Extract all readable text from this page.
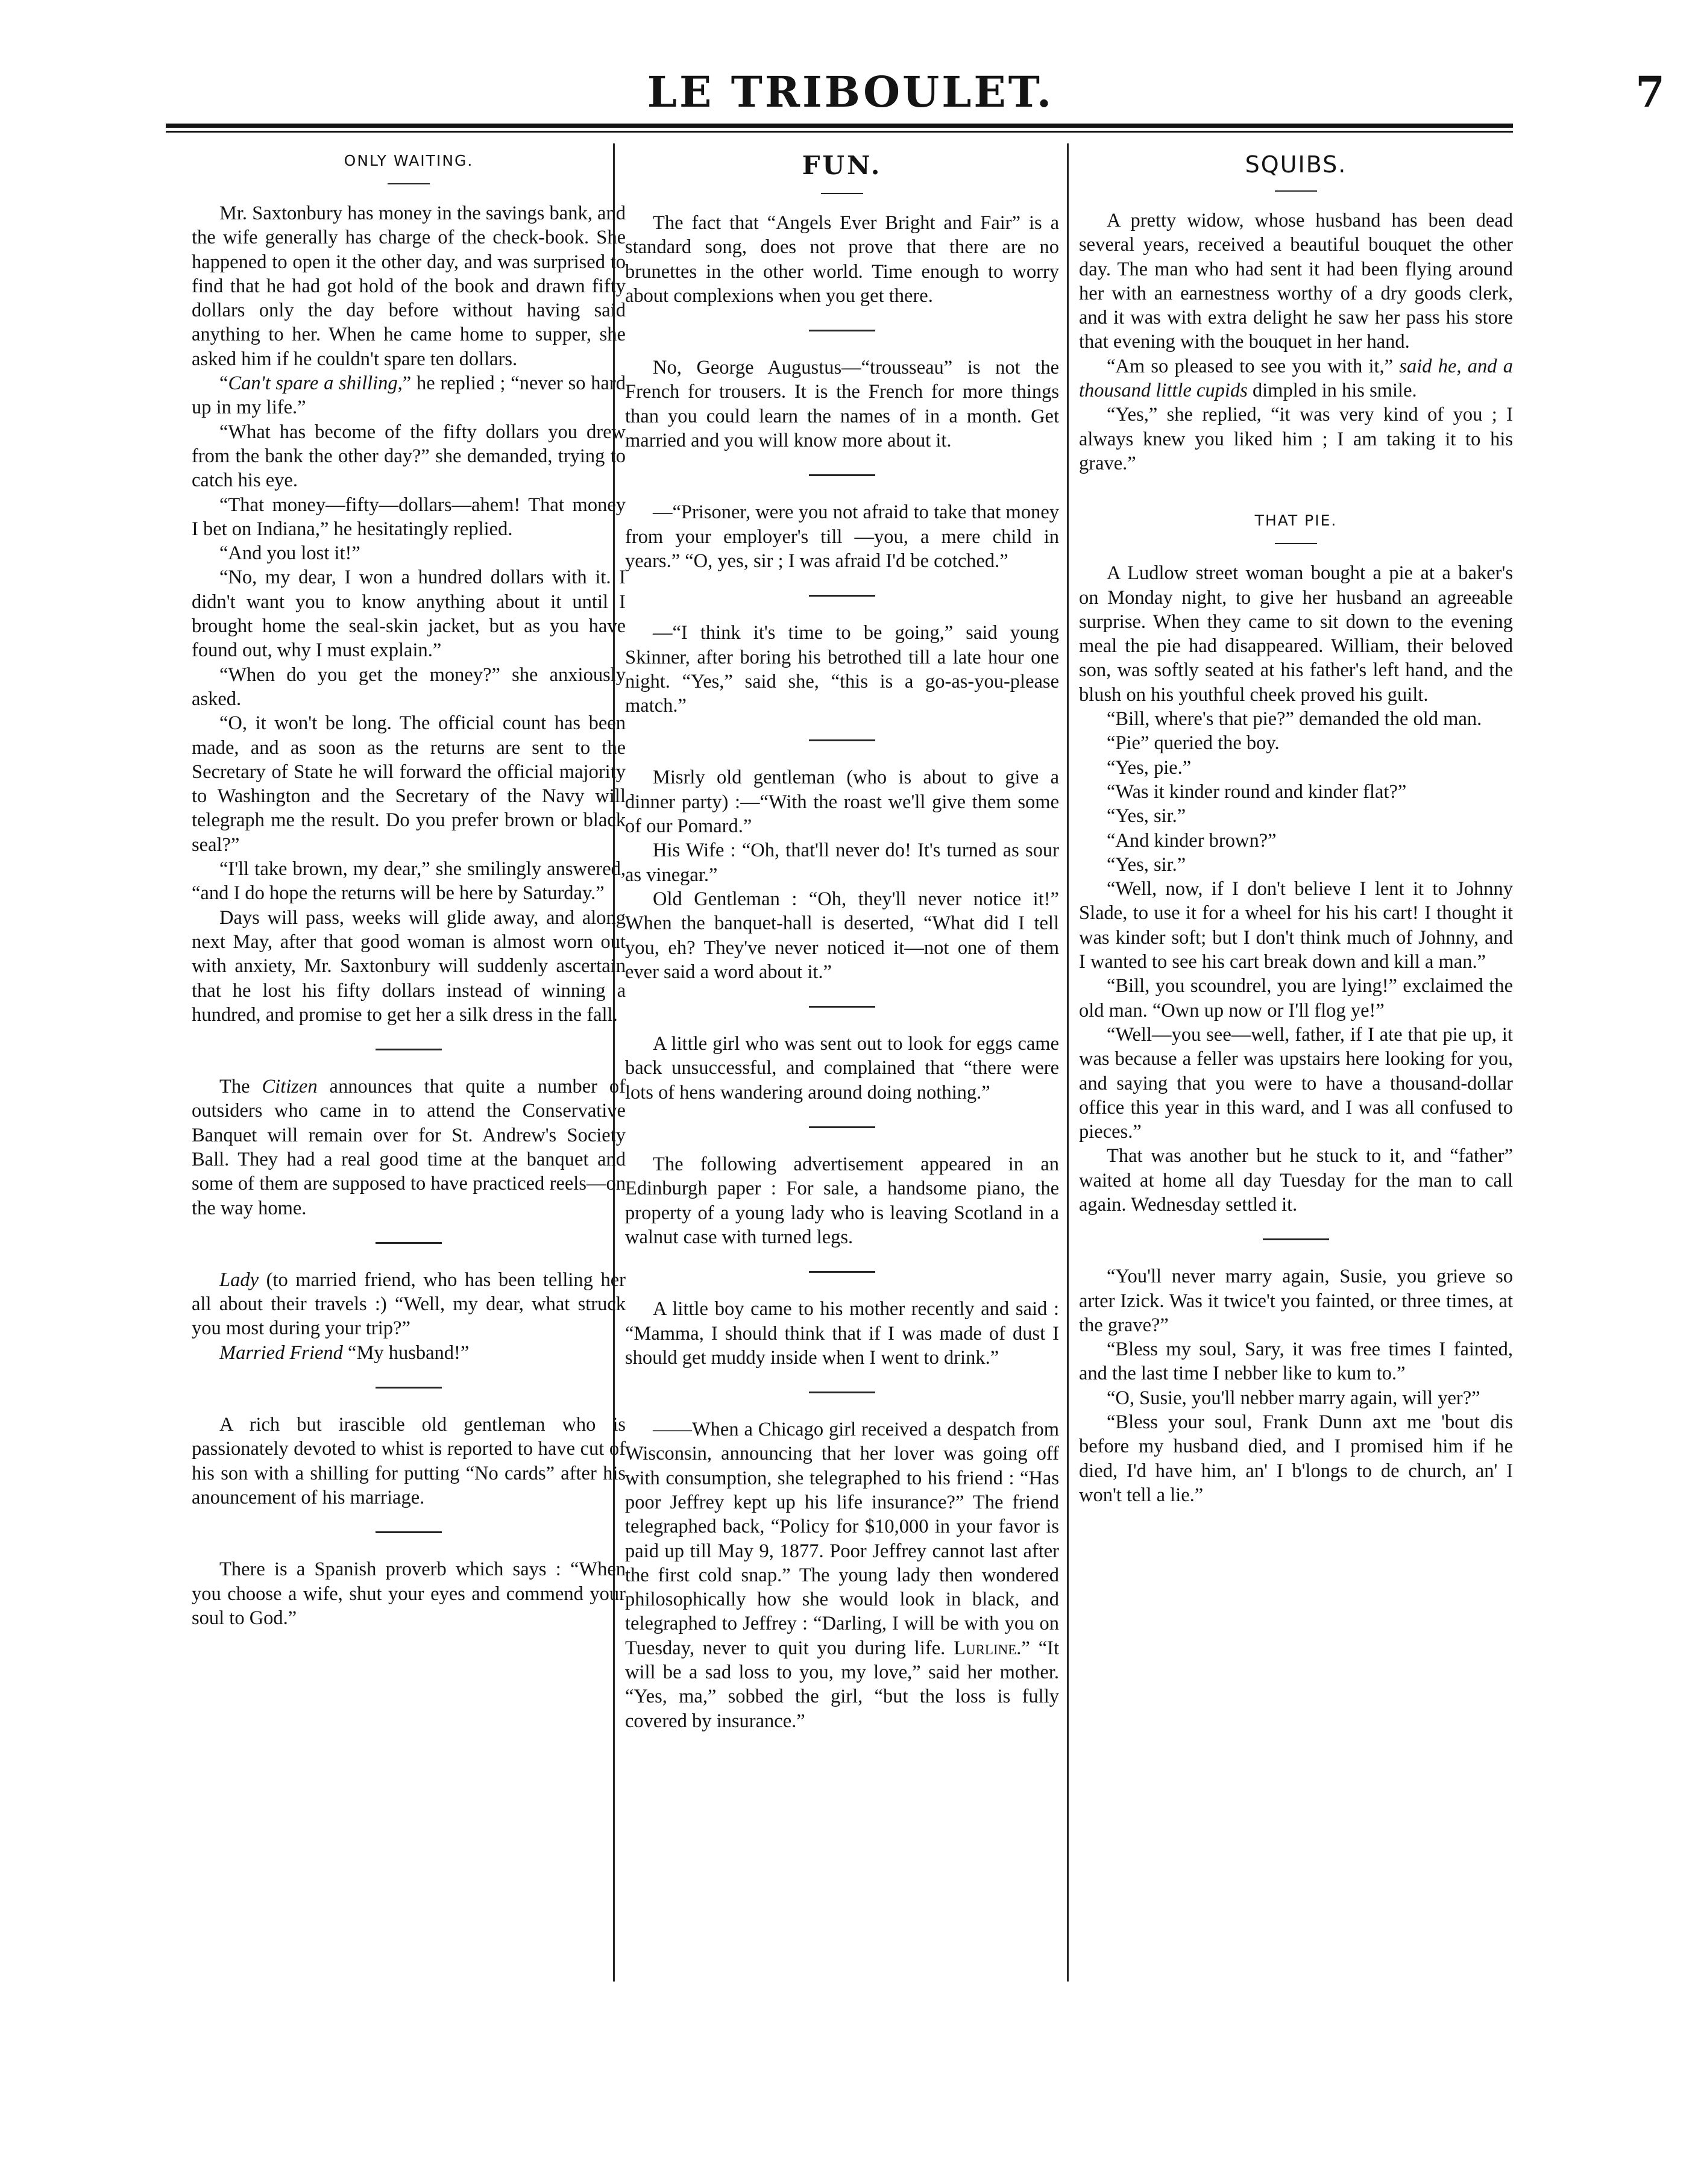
LE TRIBOULET.	7
ONLY WAITING.

Mr. Saxtonbury has money in the savings bank, and the wife generally has charge of the check-book. She happened to open it the other day, and was surprised to find that he had got hold of the book and drawn fifty dollars only the day before without having said anything to her. When he came home to supper, she asked him if he couldn't spare ten dollars.

“Can't spare a shilling,” he replied ; “never so hard up in my life.”

“What has become of the fifty dollars you drew from the bank the other day?” she demanded, trying to catch his eye.

“That money—fifty—dollars—ahem! That money I bet on Indiana,” he hesitatingly replied.

“And you lost it!”

“No, my dear, I won a hundred dollars with it. I didn't want you to know anything about it until I brought home the seal-skin jacket, but as you have found out, why I must explain.”

“When do you get the money?” she anxiously asked.

“O, it won't be long. The official count has been made, and as soon as the returns are sent to the Secretary of State he will forward the official majority to Washington and the Secretary of the Navy will telegraph me the result. Do you prefer brown or black seal?”

“I'll take brown, my dear,” she smilingly answered, “and I do hope the returns will be here by Saturday.”

Days will pass, weeks will glide away, and along next May, after that good woman is almost worn out with anxiety, Mr. Saxtonbury will suddenly ascertain that he lost his fifty dollars instead of winning a hundred, and promise to get her a silk dress in the fall.

The Citizen announces that quite a number of outsiders who came in to attend the Conservative Banquet will remain over for St. Andrew's Society Ball. They had a real good time at the banquet and some of them are supposed to have practiced reels—on the way home.

Lady (to married friend, who has been telling her all about their travels :) “Well, my dear, what struck you most during your trip?”

Married Friend “My husband!”

A rich but irascible old gentleman who is passionately devoted to whist is reported to have cut of his son with a shilling for putting “No cards” after his anouncement of his marriage.

There is a Spanish proverb which says : “When you choose a wife, shut your eyes and commend your soul to God.”

FUN.

The fact that “Angels Ever Bright and Fair” is a standard song, does not prove that there are no brunettes in the other world. Time enough to worry about complexions when you get there.

No, George Augustus—“trousseau” is not the French for trousers. It is the French for more things than you could learn the names of in a month. Get married and you will know more about it.

—“Prisoner, were you not afraid to take that money from your employer's till —you, a mere child in years.” “O, yes, sir ; I was afraid I'd be cotched.”

—“I think it's time to be going,” said young Skinner, after boring his betrothed till a late hour one night. “Yes,” said she, “this is a go-as-you-please match.”

Misrly old gentleman (who is about to give a dinner party) :—“With the roast we'll give them some of our Pomard.”

His Wife : “Oh, that'll never do! It's turned as sour as vinegar.”

Old Gentleman : “Oh, they'll never notice it!” When the banquet-hall is deserted, “What did I tell you, eh? They've never noticed it—not one of them ever said a word about it.”

A little girl who was sent out to look for eggs came back unsuccessful, and complained that “there were lots of hens wandering around doing nothing.”

The following advertisement appeared in an Edinburgh paper : For sale, a handsome piano, the property of a young lady who is leaving Scotland in a walnut case with turned legs.

A little boy came to his mother recently and said : “Mamma, I should think that if I was made of dust I should get muddy inside when I went to drink.”

——When a Chicago girl received a despatch from Wisconsin, announcing that her lover was going off with consumption, she telegraphed to his friend : “Has poor Jeffrey kept up his life insurance?” The friend telegraphed back, “Policy for $10,000 in your favor is paid up till May 9, 1877. Poor Jeffrey cannot last after the first cold snap.” The young lady then wondered philosophically how she would look in black, and telegraphed to Jeffrey : “Darling, I will be with you on Tuesday, never to quit you during life. Lurline.” “It will be a sad loss to you, my love,” said her mother. “Yes, ma,” sobbed the girl, “but the loss is fully covered by insurance.”

SQUIBS.

A pretty widow, whose husband has been dead several years, received a beautiful bouquet the other day. The man who had sent it had been flying around her with an earnestness worthy of a dry goods clerk, and it was with extra delight he saw her pass his store that evening with the bouquet in her hand.

“Am so pleased to see you with it,” said he, and a thousand little cupids dimpled in his smile.

“Yes,” she replied, “it was very kind of you ; I always knew you liked him ; I am taking it to his grave.”

THAT PIE.

A Ludlow street woman bought a pie at a baker's on Monday night, to give her husband an agreeable surprise. When they came to sit down to the evening meal the pie had disappeared. William, their beloved son, was softly seated at his father's left hand, and the blush on his youthful cheek proved his guilt.

“Bill, where's that pie?” demanded the old man.

“Pie” queried the boy.

“Yes, pie.”

“Was it kinder round and kinder flat?”

“Yes, sir.”

“And kinder brown?”

“Yes, sir.”

“Well, now, if I don't believe I lent it to Johnny Slade, to use it for a wheel for his his cart! I thought it was kinder soft; but I don't think much of Johnny, and I wanted to see his cart break down and kill a man.”

“Bill, you scoundrel, you are lying!” exclaimed the old man. “Own up now or I'll flog ye!”

“Well—you see—well, father, if I ate that pie up, it was because a feller was upstairs here looking for you, and saying that you were to have a thousand-dollar office this year in this ward, and I was all confused to pieces.”

That was another but he stuck to it, and “father” waited at home all day Tuesday for the man to call again. Wednesday settled it.

“You'll never marry again, Susie, you grieve so arter Izick. Was it twice't you fainted, or three times, at the grave?”

“Bless my soul, Sary, it was free times I fainted, and the last time I nebber like to kum to.”

“O, Susie, you'll nebber marry again, will yer?”

“Bless your soul, Frank Dunn axt me 'bout dis before my husband died, and I promised him if he died, I'd have him, an' I b'longs to de church, an' I won't tell a lie.”
